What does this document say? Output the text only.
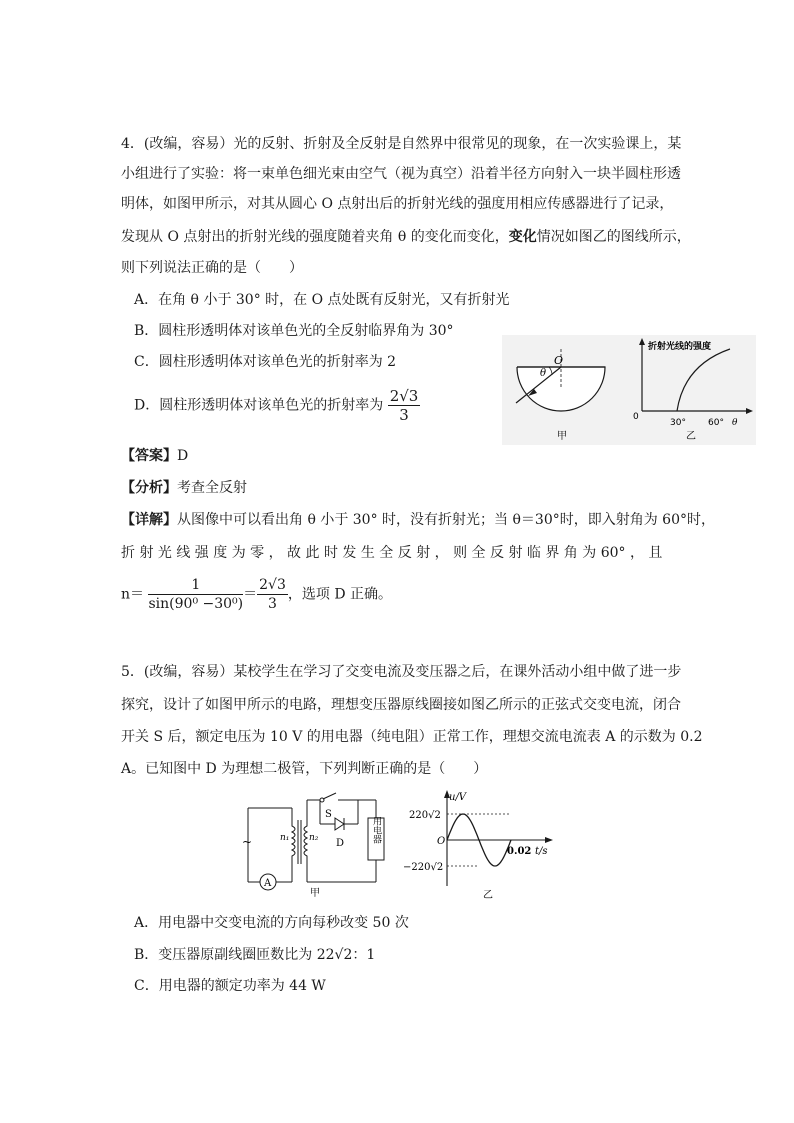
4．(改编，容易）光的反射、折射及全反射是自然界中很常见的现象，在一次实验课上，某
小组进行了实验：将一束单色细光束由空气（视为真空）沿着半径方向射入一块半圆柱形透
明体，如图甲所示，对其从圆心 O 点射出后的折射光线的强度用相应传感器进行了记录，
发现从 O 点射出的折射光线的强度随着夹角 θ 的变化而变化，变化情况如图乙的图线所示，
则下列说法正确的是（　　）
A．在角 θ 小于 30° 时，在 O 点处既有反射光，又有折射光
B．圆柱形透明体对该单色光的全反射临界角为 30°
C．圆柱形透明体对该单色光的折射率为 2
D．圆柱形透明体对该单色光的折射率为 $\frac{2√3}{3}$
【答案】D
【分析】考查全反射
【详解】从图像中可以看出角 θ 小于 30° 时，没有折射光；当 θ＝30°时，即入射角为 60°时，
折 射 光 线 强 度 为 零 ， 故 此 时 发 生 全 反 射 ， 则 全 反 射 临 界 角 为 60° ， 且
$n= \frac{1}{\text{sin(90⁰ −30⁰)}} = \frac{2√3}{3}$ ，选项 D 正确。
θ
O
甲
折射光线的强度
0
30° 60° θ
乙
5．(改编，容易）某校学生在学习了交变电流及变压器之后，在课外活动小组中做了进一步
探究，设计了如图甲所示的电路，理想变压器原线圈接如图乙所示的正弦式交变电流，闭合
开关 S 后，额定电压为 10 V 的用电器（纯电阻）正常工作，理想交流电流表 A 的示数为 0.2
A。已知图中 D 为理想二极管，下列判断正确的是（　　）
A
~	n₁ n₂
S
D	用电器
甲
u/V
220√2
O
−220√2
0.02 t/s
乙
A．用电器中交变电流的方向每秒改变 50 次
B．变压器原副线圈匝数比为 22√2：1
C．用电器的额定功率为 44 W
